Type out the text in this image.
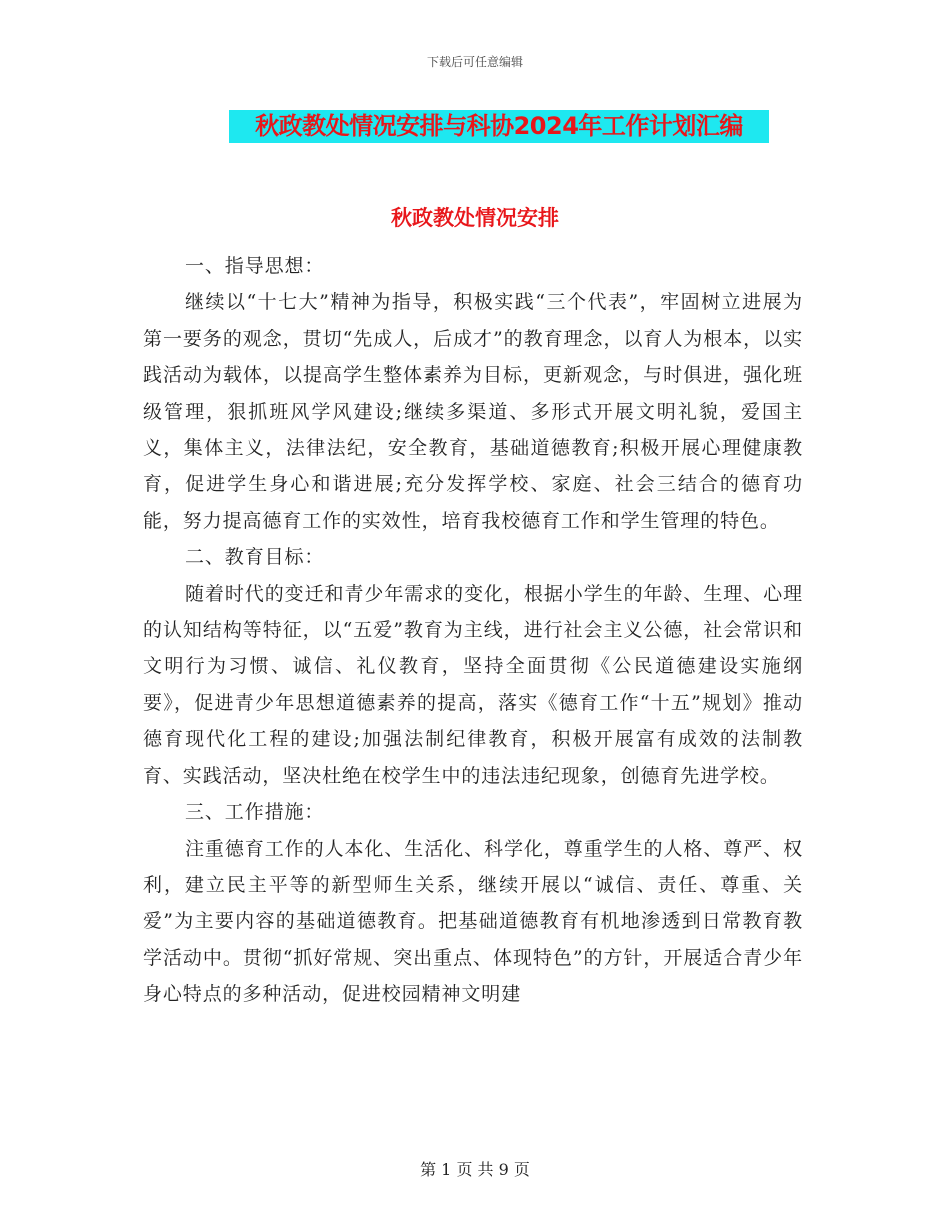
下载后可任意编辑
秋政教处情况安排与科协2024年工作计划汇编
秋政教处情况安排

一、指导思想：

继续以“十七大”精神为指导，积极实践“三个代表”，牢固树立进展为第一要务的观念，贯切“先成人，后成才”的教育理念，以育人为根本，以实践活动为载体，以提高学生整体素养为目标，更新观念，与时俱进，强化班级管理，狠抓班风学风建设;继续多渠道、多形式开展文明礼貌，爱国主义，集体主义，法律法纪，安全教育，基础道德教育;积极开展心理健康教育，促进学生身心和谐进展;充分发挥学校、家庭、社会三结合的德育功能，努力提高德育工作的实效性，培育我校德育工作和学生管理的特色。

二、教育目标：

随着时代的变迁和青少年需求的变化，根据小学生的年龄、生理、心理的认知结构等特征，以“五爱”教育为主线，进行社会主义公德，社会常识和文明行为习惯、诚信、礼仪教育，坚持全面贯彻《公民道德建设实施纲要》，促进青少年思想道德素养的提高，落实《德育工作“十五”规划》推动德育现代化工程的建设;加强法制纪律教育，积极开展富有成效的法制教育、实践活动，坚决杜绝在校学生中的违法违纪现象，创德育先进学校。

三、工作措施：

注重德育工作的人本化、生活化、科学化，尊重学生的人格、尊严、权利，建立民主平等的新型师生关系，继续开展以“诚信、责任、尊重、关爱”为主要内容的基础道德教育。把基础道德教育有机地渗透到日常教育教学活动中。贯彻“抓好常规、突出重点、体现特色”的方针，开展适合青少年身心特点的多种活动，促进校园精神文明建

第 1 页 共 9 页
